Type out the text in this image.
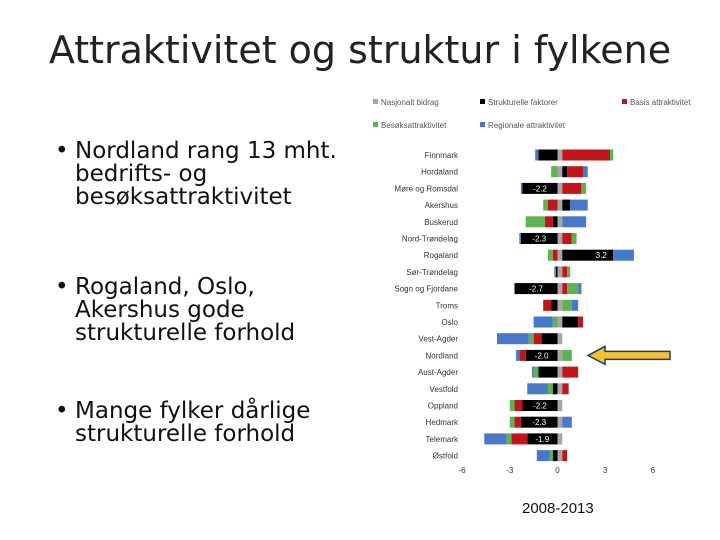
Attraktivitet og struktur i fylkene
• Nordland rang 13 mht. bedrifts- og besøksattraktivitet
• Rogaland, Oslo, Akershus gode strukturelle forhold
• Mange fylker dårlige strukturelle forhold
Nasjonalt bidrag	Strukturelle faktorer	Basis attraktivitet
Besøksattraktivitet	Regionale attraktivitet
Finnmark
Hordaland
Møre og Romsdal
Akershus
Buskerud
Nord-Trøndelag
Rogaland
Sør-Trøndelag
Sogn og Fjordane
Troms
Oslo
Vest-Agder
Nordland
Aust-Agder
Vestfold
Oppland
Hedmark
Telemark
Østfold
-2.2
-2.3
3.2
-2.7
-2.0
-2.2
-2.3
-1.9
-6	-3	0	3	6
2008-2013
